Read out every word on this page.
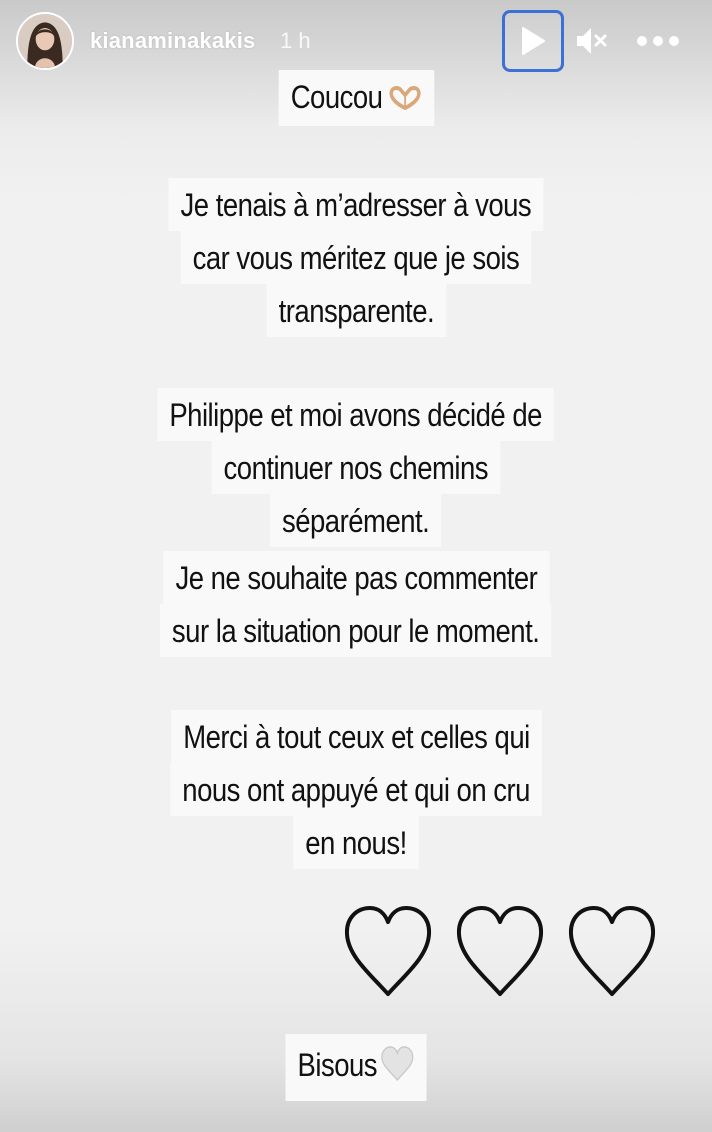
kianaminakakis 1 h
Coucou
Je tenais à m’adresser à vous
car vous méritez que je sois
transparente.
Philippe et moi avons décidé de
continuer nos chemins
séparément.
Je ne souhaite pas commenter
sur la situation pour le moment.
Merci à tout ceux et celles qui
nous ont appuyé et qui on cru
en nous!
Bisous
